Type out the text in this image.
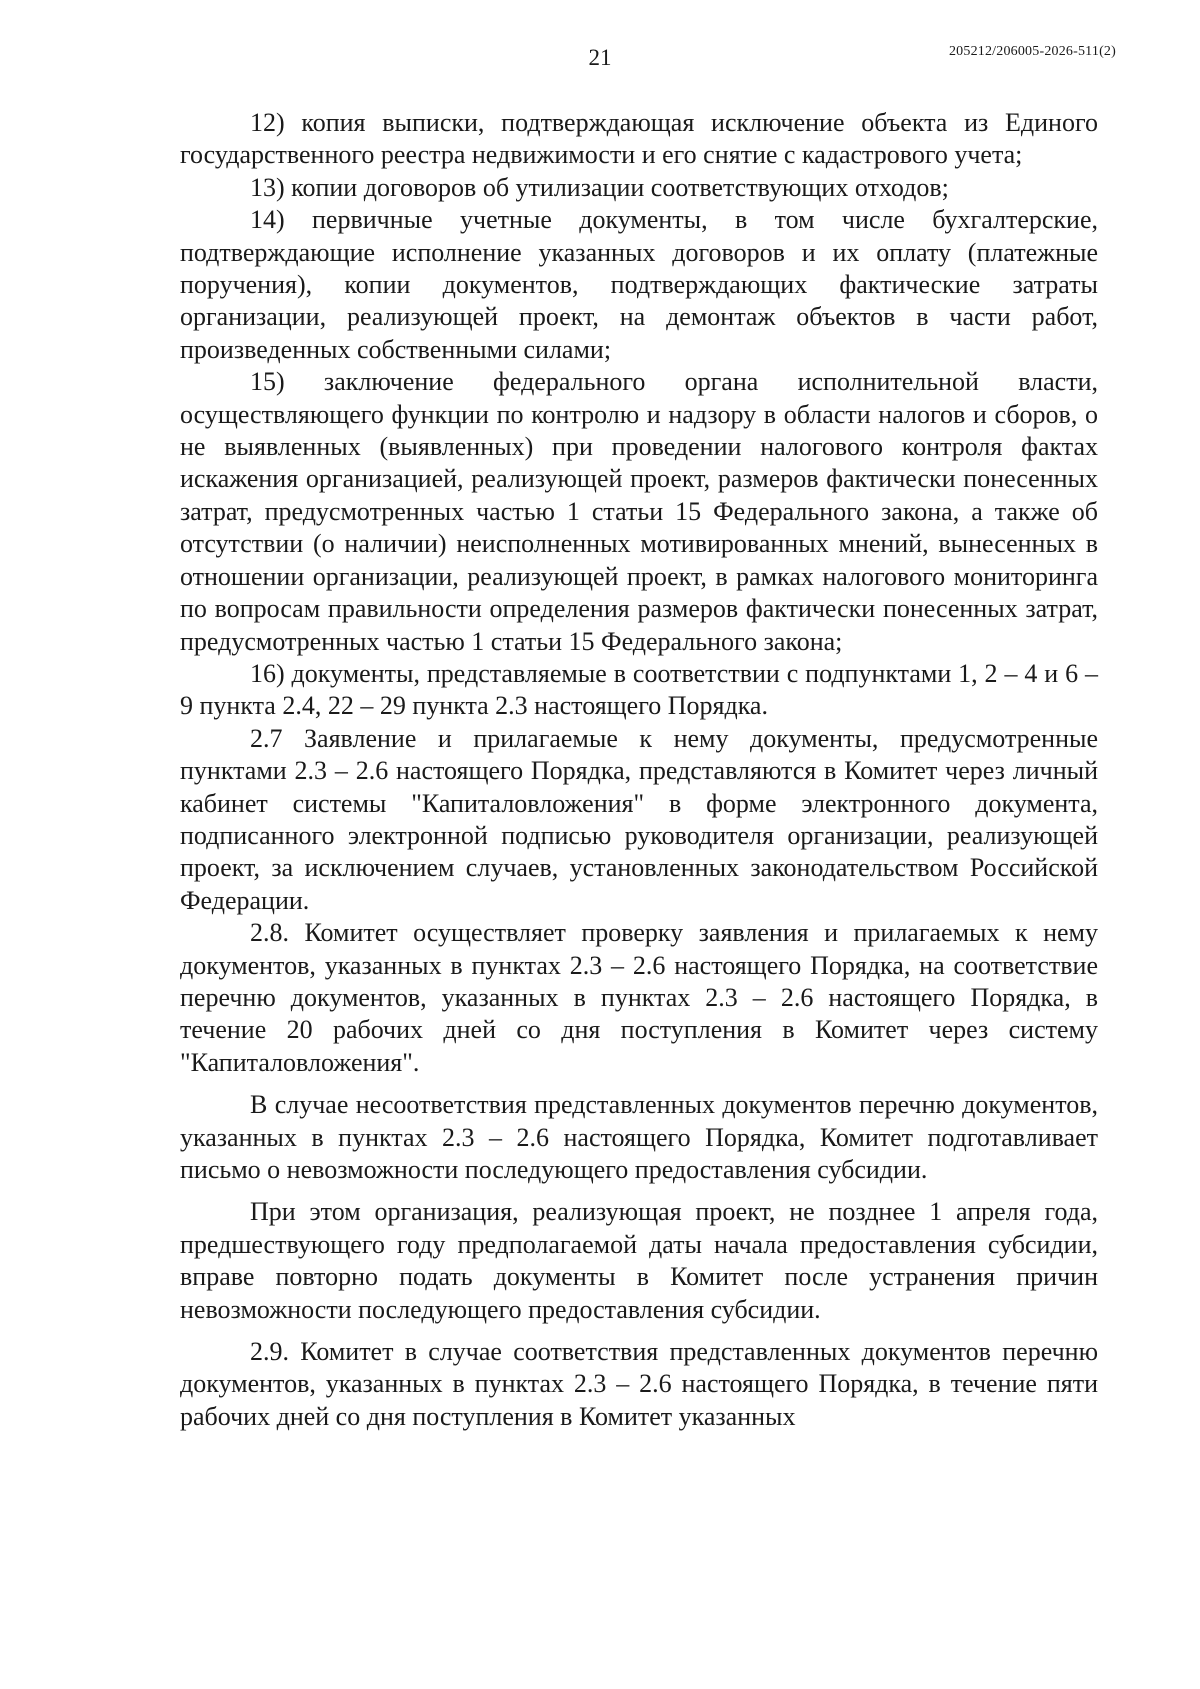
21	205212/206005-2026-511(2)

12) копия выписки, подтверждающая исключение объекта из Единого государственного реестра недвижимости и его снятие с кадастрового учета;

13) копии договоров об утилизации соответствующих отходов;

14) первичные учетные документы, в том числе бухгалтерские, подтверждающие исполнение указанных договоров и их оплату (платежные поручения), копии документов, подтверждающих фактические затраты организации, реализующей проект, на демонтаж объектов в части работ, произведенных собственными силами;

15) заключение федерального органа исполнительной власти, осуществляющего функции по контролю и надзору в области налогов и сборов, о не выявленных (выявленных) при проведении налогового контроля фактах искажения организацией, реализующей проект, размеров фактически понесенных затрат, предусмотренных частью 1 статьи 15 Федерального закона, а также об отсутствии (о наличии) неисполненных мотивированных мнений, вынесенных в отношении организации, реализующей проект, в рамках налогового мониторинга по вопросам правильности определения размеров фактически понесенных затрат, предусмотренных частью 1 статьи 15 Федерального закона;

16) документы, представляемые в соответствии с подпунктами 1, 2 – 4 и 6 – 9 пункта 2.4, 22 – 29 пункта 2.3 настоящего Порядка.

2.7 Заявление и прилагаемые к нему документы, предусмотренные пунктами 2.3 – 2.6 настоящего Порядка, представляются в Комитет через личный кабинет системы "Капиталовложения" в форме электронного документа, подписанного электронной подписью руководителя организации, реализующей проект, за исключением случаев, установленных законодательством Российской Федерации.

2.8. Комитет осуществляет проверку заявления и прилагаемых к нему документов, указанных в пунктах 2.3 – 2.6 настоящего Порядка, на соответствие перечню документов, указанных в пунктах 2.3 – 2.6 настоящего Порядка, в течение 20 рабочих дней со дня поступления в Комитет через систему "Капиталовложения".

В случае несоответствия представленных документов перечню документов, указанных в пунктах 2.3 – 2.6 настоящего Порядка, Комитет подготавливает письмо о невозможности последующего предоставления субсидии.

При этом организация, реализующая проект, не позднее 1 апреля года, предшествующего году предполагаемой даты начала предоставления субсидии, вправе повторно подать документы в Комитет после устранения причин невозможности последующего предоставления субсидии.

2.9. Комитет в случае соответствия представленных документов перечню документов, указанных в пунктах 2.3 – 2.6 настоящего Порядка, в течение пяти рабочих дней со дня поступления в Комитет указанных
